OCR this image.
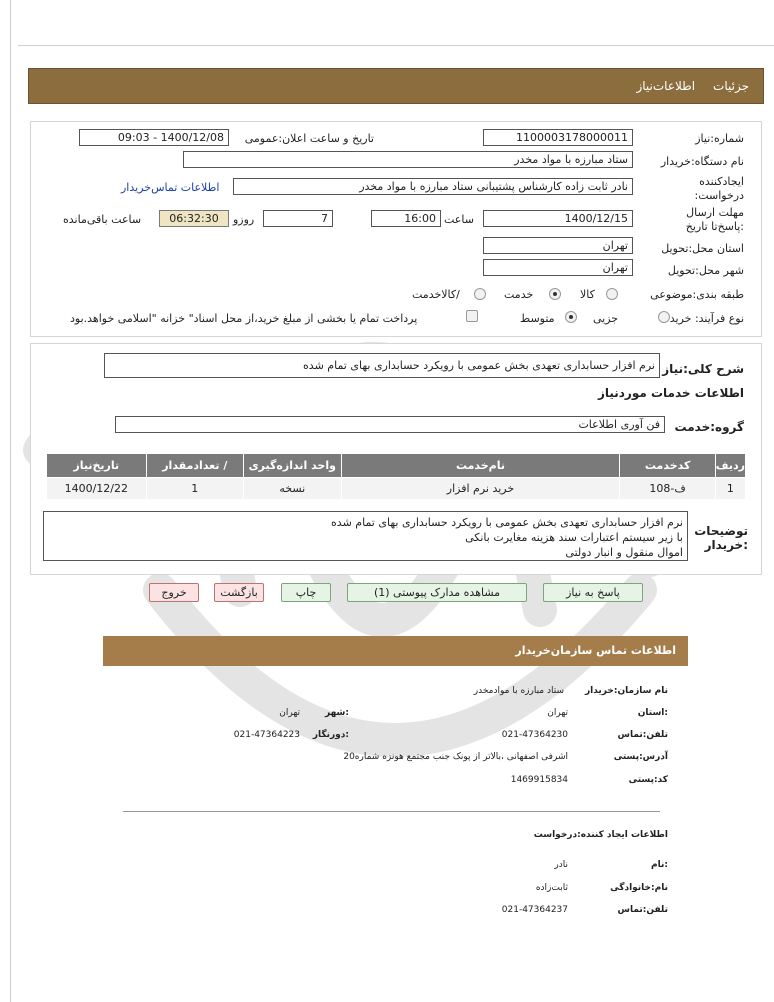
جزئیات
اطلاعات‌نیاز
شماره:نیاز
1100003178000011
تاریخ و ساعت اعلان:عمومی
1400/12/08 - 09:03
نام دستگاه:خریدار
ستاد مبارزه با مواد مخدر
ایجادکننده درخواست:
نادر ثابت زاده کارشناس پشتیبانی ستاد مبارزه با مواد مخدر
اطلاعات تماس‌خریدار
مهلت ارسال :پاسخ‌تا تاریخ
1400/12/15
ساعت
16:00
7
روزو
06:32:30
ساعت باقی‌مانده
استان محل:تحویل
تهران
شهر محل:تحویل
تهران
طبقه بندی:موضوعی
کالا
خدمت
/کالاخدمت
نوع فرآیند: خرید
جزیی
متوسط
پرداخت تمام یا بخشی از مبلغ خرید،از محل اسناد" خزانه "اسلامی خواهد.بود
شرح کلی:نیاز
نرم افزار حسابداری تعهدی بخش عمومی با رویکرد حسابداری بهای تمام شده
اطلاعات خدمات موردنیاز
گروه:خدمت
فن آوری اطلاعات
ردیف	کدخدمت	نام‌خدمت	واحد اندازه‌گیری	/ تعدادمقدار	تاریخ‌نیاز
1	ف-108	خرید نرم افزار	نسخه	1	1400/12/22
توضیحات :خریدار
نرم افزار حسابداری تعهدی بخش عمومی با رویکرد حسابداری بهای تمام شده
با زیر سیستم اعتبارات سند هزینه مغایرت بانکی
اموال منقول و انبار دولتی
پاسخ به نیاز
مشاهده مدارک پیوستی (1)
چاپ
بازگشت
خروج
اطلاعات تماس سازمان‌خریدار
نام سازمان:خریدار
ستاد مبارزه با موادمخدر
:استان
تهران
:شهر
تهران
تلفن:تماس
021-47364230
:دورنگار
021-47364223
آدرس:پستی
اشرفی اصفهانی ،بالاتر از پونک جنب مجتمع هونزه شماره20
کد:پستی
1469915834
اطلاعات ایجاد کننده:درخواست
:نام
نادر
نام:خانوادگی
ثابت‌زاده
تلفن:تماس
021-47364237
